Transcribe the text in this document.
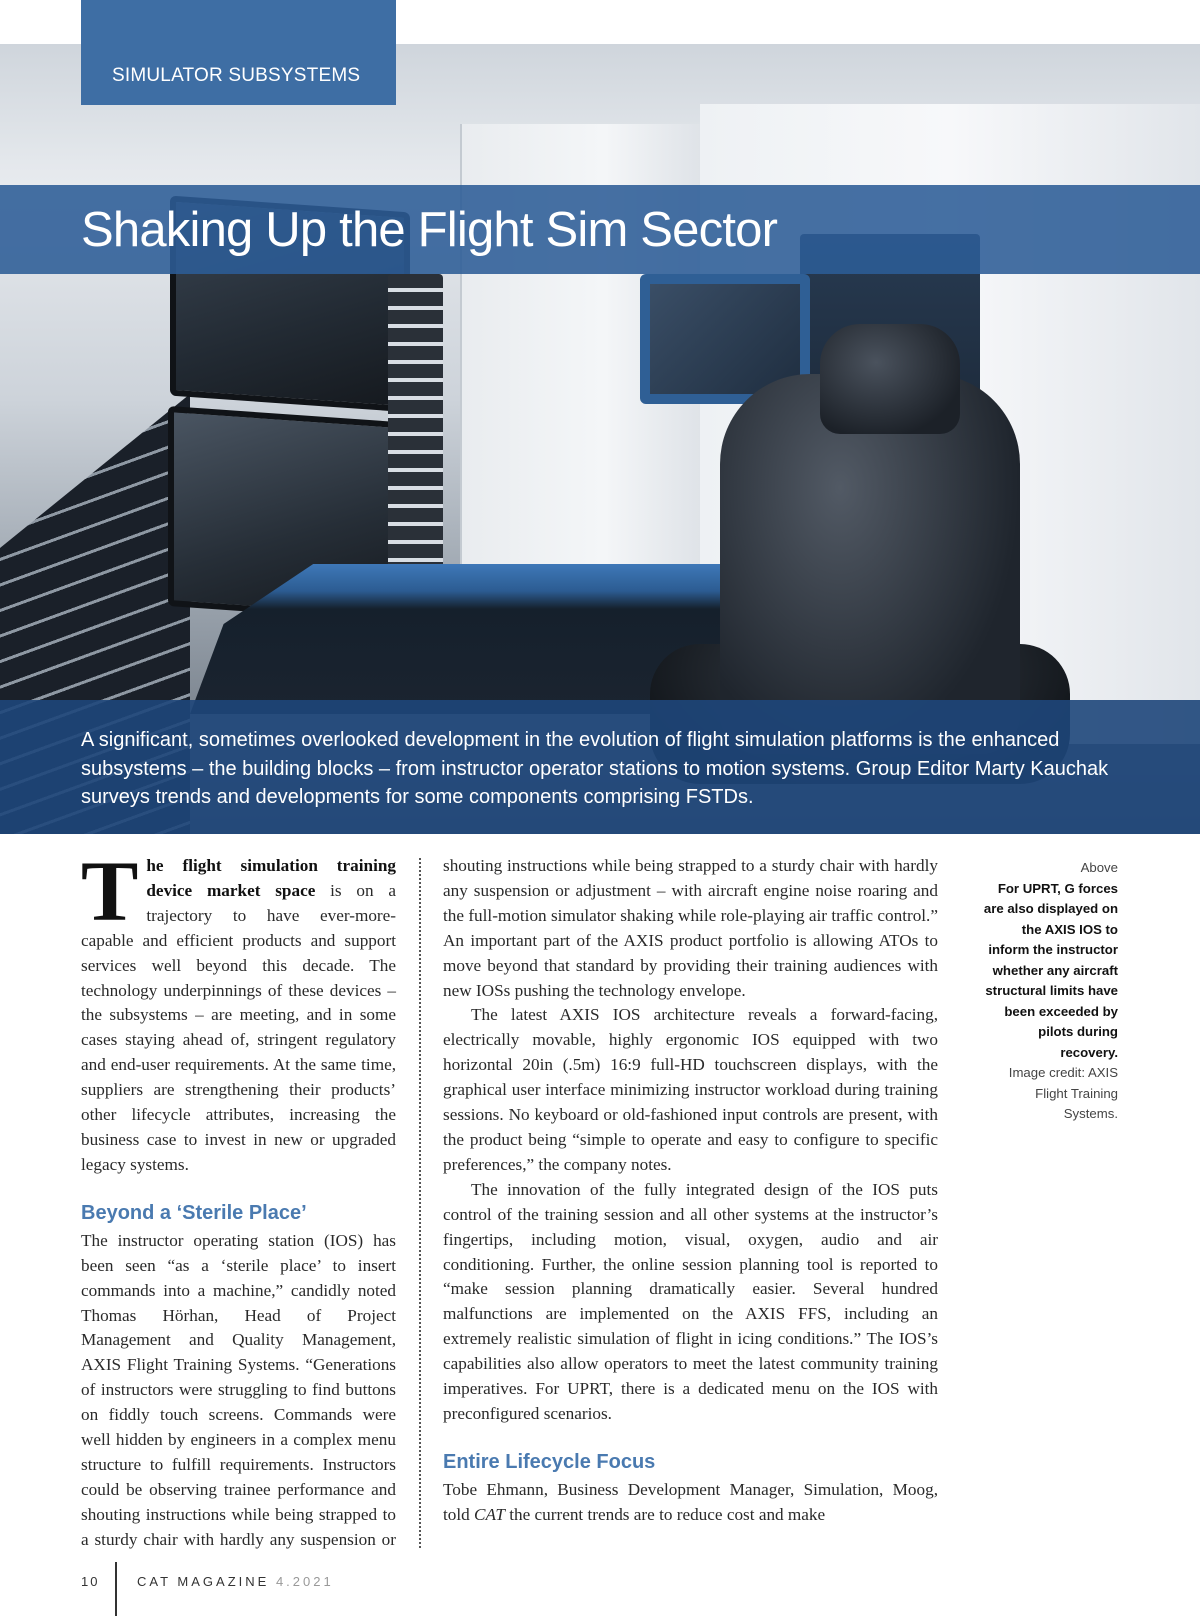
SIMULATOR SUBSYSTEMS
Shaking Up the Flight Sim Sector

A significant, sometimes overlooked development in the evolution of flight simulation platforms is the enhanced subsystems – the building blocks – from instructor operator stations to motion systems. Group Editor Marty Kauchak surveys trends and developments for some components comprising FSTDs.

The flight simulation training device market space is on a trajectory to have ever-more-capable and efficient products and support services well beyond this decade. The technology underpinnings of these devices – the subsystems – are meeting, and in some cases staying ahead of, stringent regulatory and end-user requirements. At the same time, suppliers are strengthening their products’ other lifecycle attributes, increasing the business case to invest in new or upgraded legacy systems.

Beyond a ‘Sterile Place’

The instructor operating station (IOS) has been seen “as a ‘sterile place’ to insert commands into a machine,” candidly noted Thomas Hörhan, Head of Project Management and Quality Management, AXIS Flight Training Systems. “Generations of instructors were struggling to find buttons on fiddly touch screens. Commands were well hidden by engineers in a complex menu structure to fulfill requirements. Instructors could be observing trainee performance and shouting instructions while being strapped to a sturdy chair with hardly any suspension or

shouting instructions while being strapped to a sturdy chair with hardly any suspension or adjustment – with aircraft engine noise roaring and the full-motion simulator shaking while role-playing air traffic control.” An important part of the AXIS product portfolio is allowing ATOs to move beyond that standard by providing their training audiences with new IOSs pushing the technology envelope.

The latest AXIS IOS architecture reveals a forward-facing, electrically movable, highly ergonomic IOS equipped with two horizontal 20in (.5m) 16:9 full-HD touchscreen displays, with the graphical user interface minimizing instructor workload during training sessions. No keyboard or old-fashioned input controls are present, with the product being “simple to operate and easy to configure to specific preferences,” the company notes.

The innovation of the fully integrated design of the IOS puts control of the training session and all other systems at the instructor’s fingertips, including motion, visual, oxygen, audio and air conditioning. Further, the online session planning tool is reported to “make session planning dramatically easier. Several hundred malfunctions are implemented on the AXIS FFS, including an extremely realistic simulation of flight in icing conditions.” The IOS’s capabilities also allow operators to meet the latest community training imperatives. For UPRT, there is a dedicated menu on the IOS with preconfigured scenarios.

Entire Lifecycle Focus

Tobe Ehmann, Business Development Manager, Simulation, Moog, told CAT the current trends are to reduce cost and make

Above
For UPRT, G forces are also displayed on the AXIS IOS to inform the instructor whether any aircraft structural limits have been exceeded by pilots during recovery.
Image credit: AXIS Flight Training Systems.
10	CAT MAGAZINE 4.2021
